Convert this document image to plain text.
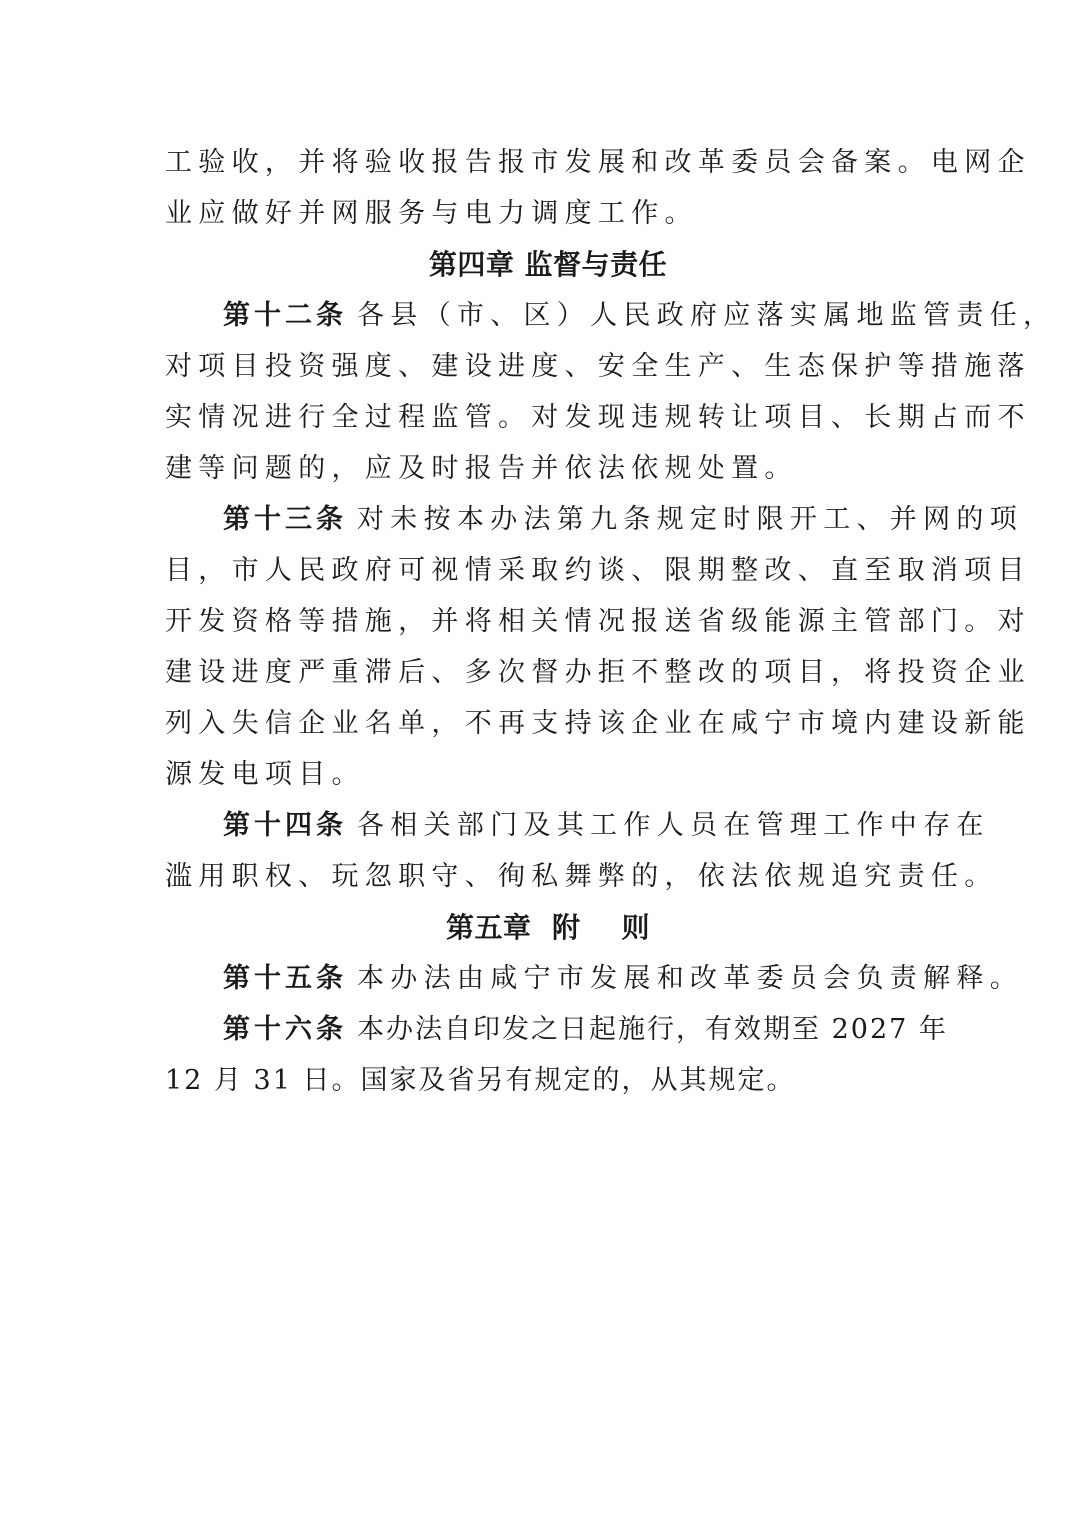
工验收，并将验收报告报市发展和改革委员会备案。电网企
业应做好并网服务与电力调度工作。
第四章 监督与责任
第十二条 各县（市、区）人民政府应落实属地监管责任，
对项目投资强度、建设进度、安全生产、生态保护等措施落
实情况进行全过程监管。对发现违规转让项目、长期占而不
建等问题的，应及时报告并依法依规处置。
第十三条 对未按本办法第九条规定时限开工、并网的项
目，市人民政府可视情采取约谈、限期整改、直至取消项目
开发资格等措施，并将相关情况报送省级能源主管部门。对
建设进度严重滞后、多次督办拒不整改的项目，将投资企业
列入失信企业名单，不再支持该企业在咸宁市境内建设新能
源发电项目。
第十四条 各相关部门及其工作人员在管理工作中存在
滥用职权、玩忽职守、徇私舞弊的，依法依规追究责任。
第五章  附    则
第十五条 本办法由咸宁市发展和改革委员会负责解释。
第十六条 本办法自印发之日起施行，有效期至 2027 年
12 月 31 日。国家及省另有规定的，从其规定。
